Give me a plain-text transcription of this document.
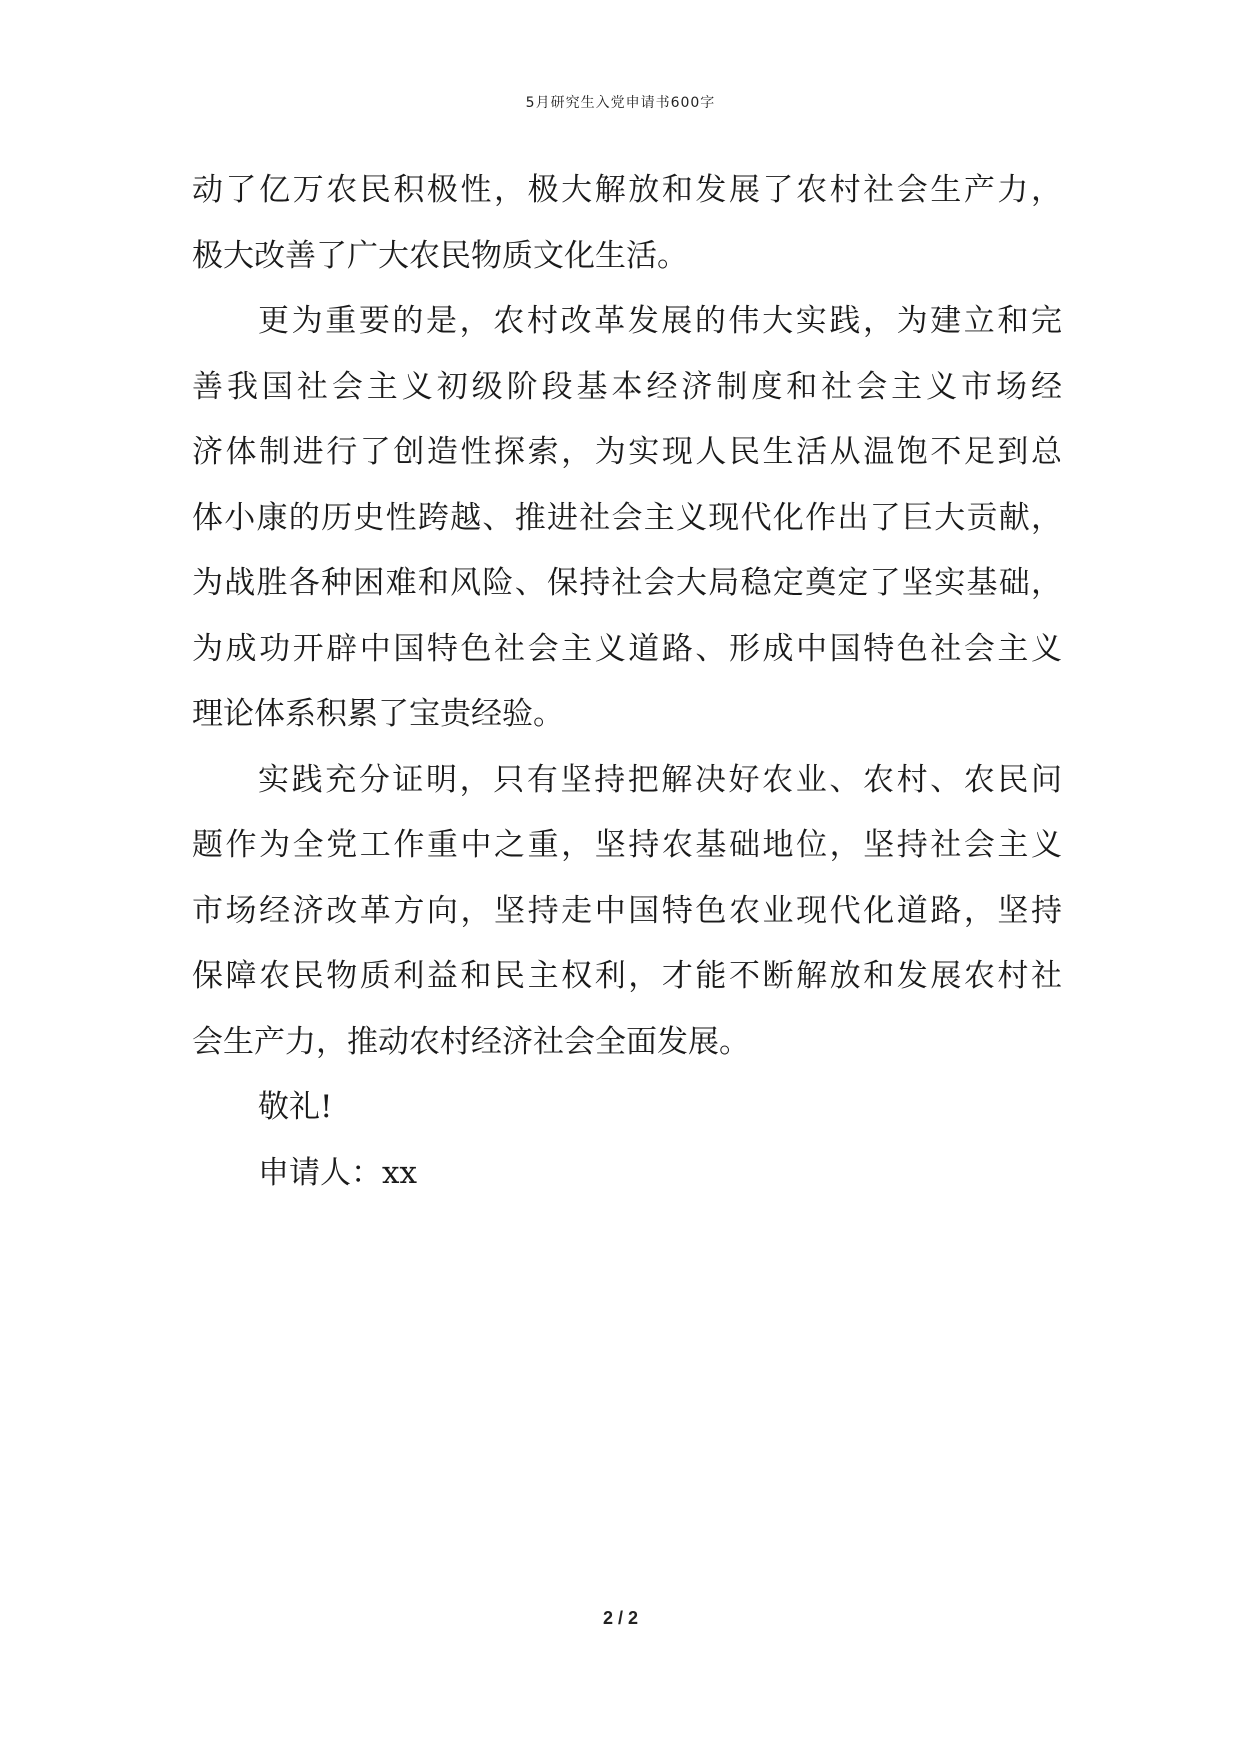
5月研究生入党申请书600字
动了亿万农民积极性，极大解放和发展了农村社会生产力，
极大改善了广大农民物质文化生活。
更为重要的是，农村改革发展的伟大实践，为建立和完
善我国社会主义初级阶段基本经济制度和社会主义市场经
济体制进行了创造性探索，为实现人民生活从温饱不足到总
体小康的历史性跨越、推进社会主义现代化作出了巨大贡献，
为战胜各种困难和风险、保持社会大局稳定奠定了坚实基础，
为成功开辟中国特色社会主义道路、形成中国特色社会主义
理论体系积累了宝贵经验。
实践充分证明，只有坚持把解决好农业、农村、农民问
题作为全党工作重中之重，坚持农基础地位，坚持社会主义
市场经济改革方向，坚持走中国特色农业现代化道路，坚持
保障农民物质利益和民主权利，才能不断解放和发展农村社
会生产力，推动农村经济社会全面发展。
敬礼!
申请人：xx
2 / 2
